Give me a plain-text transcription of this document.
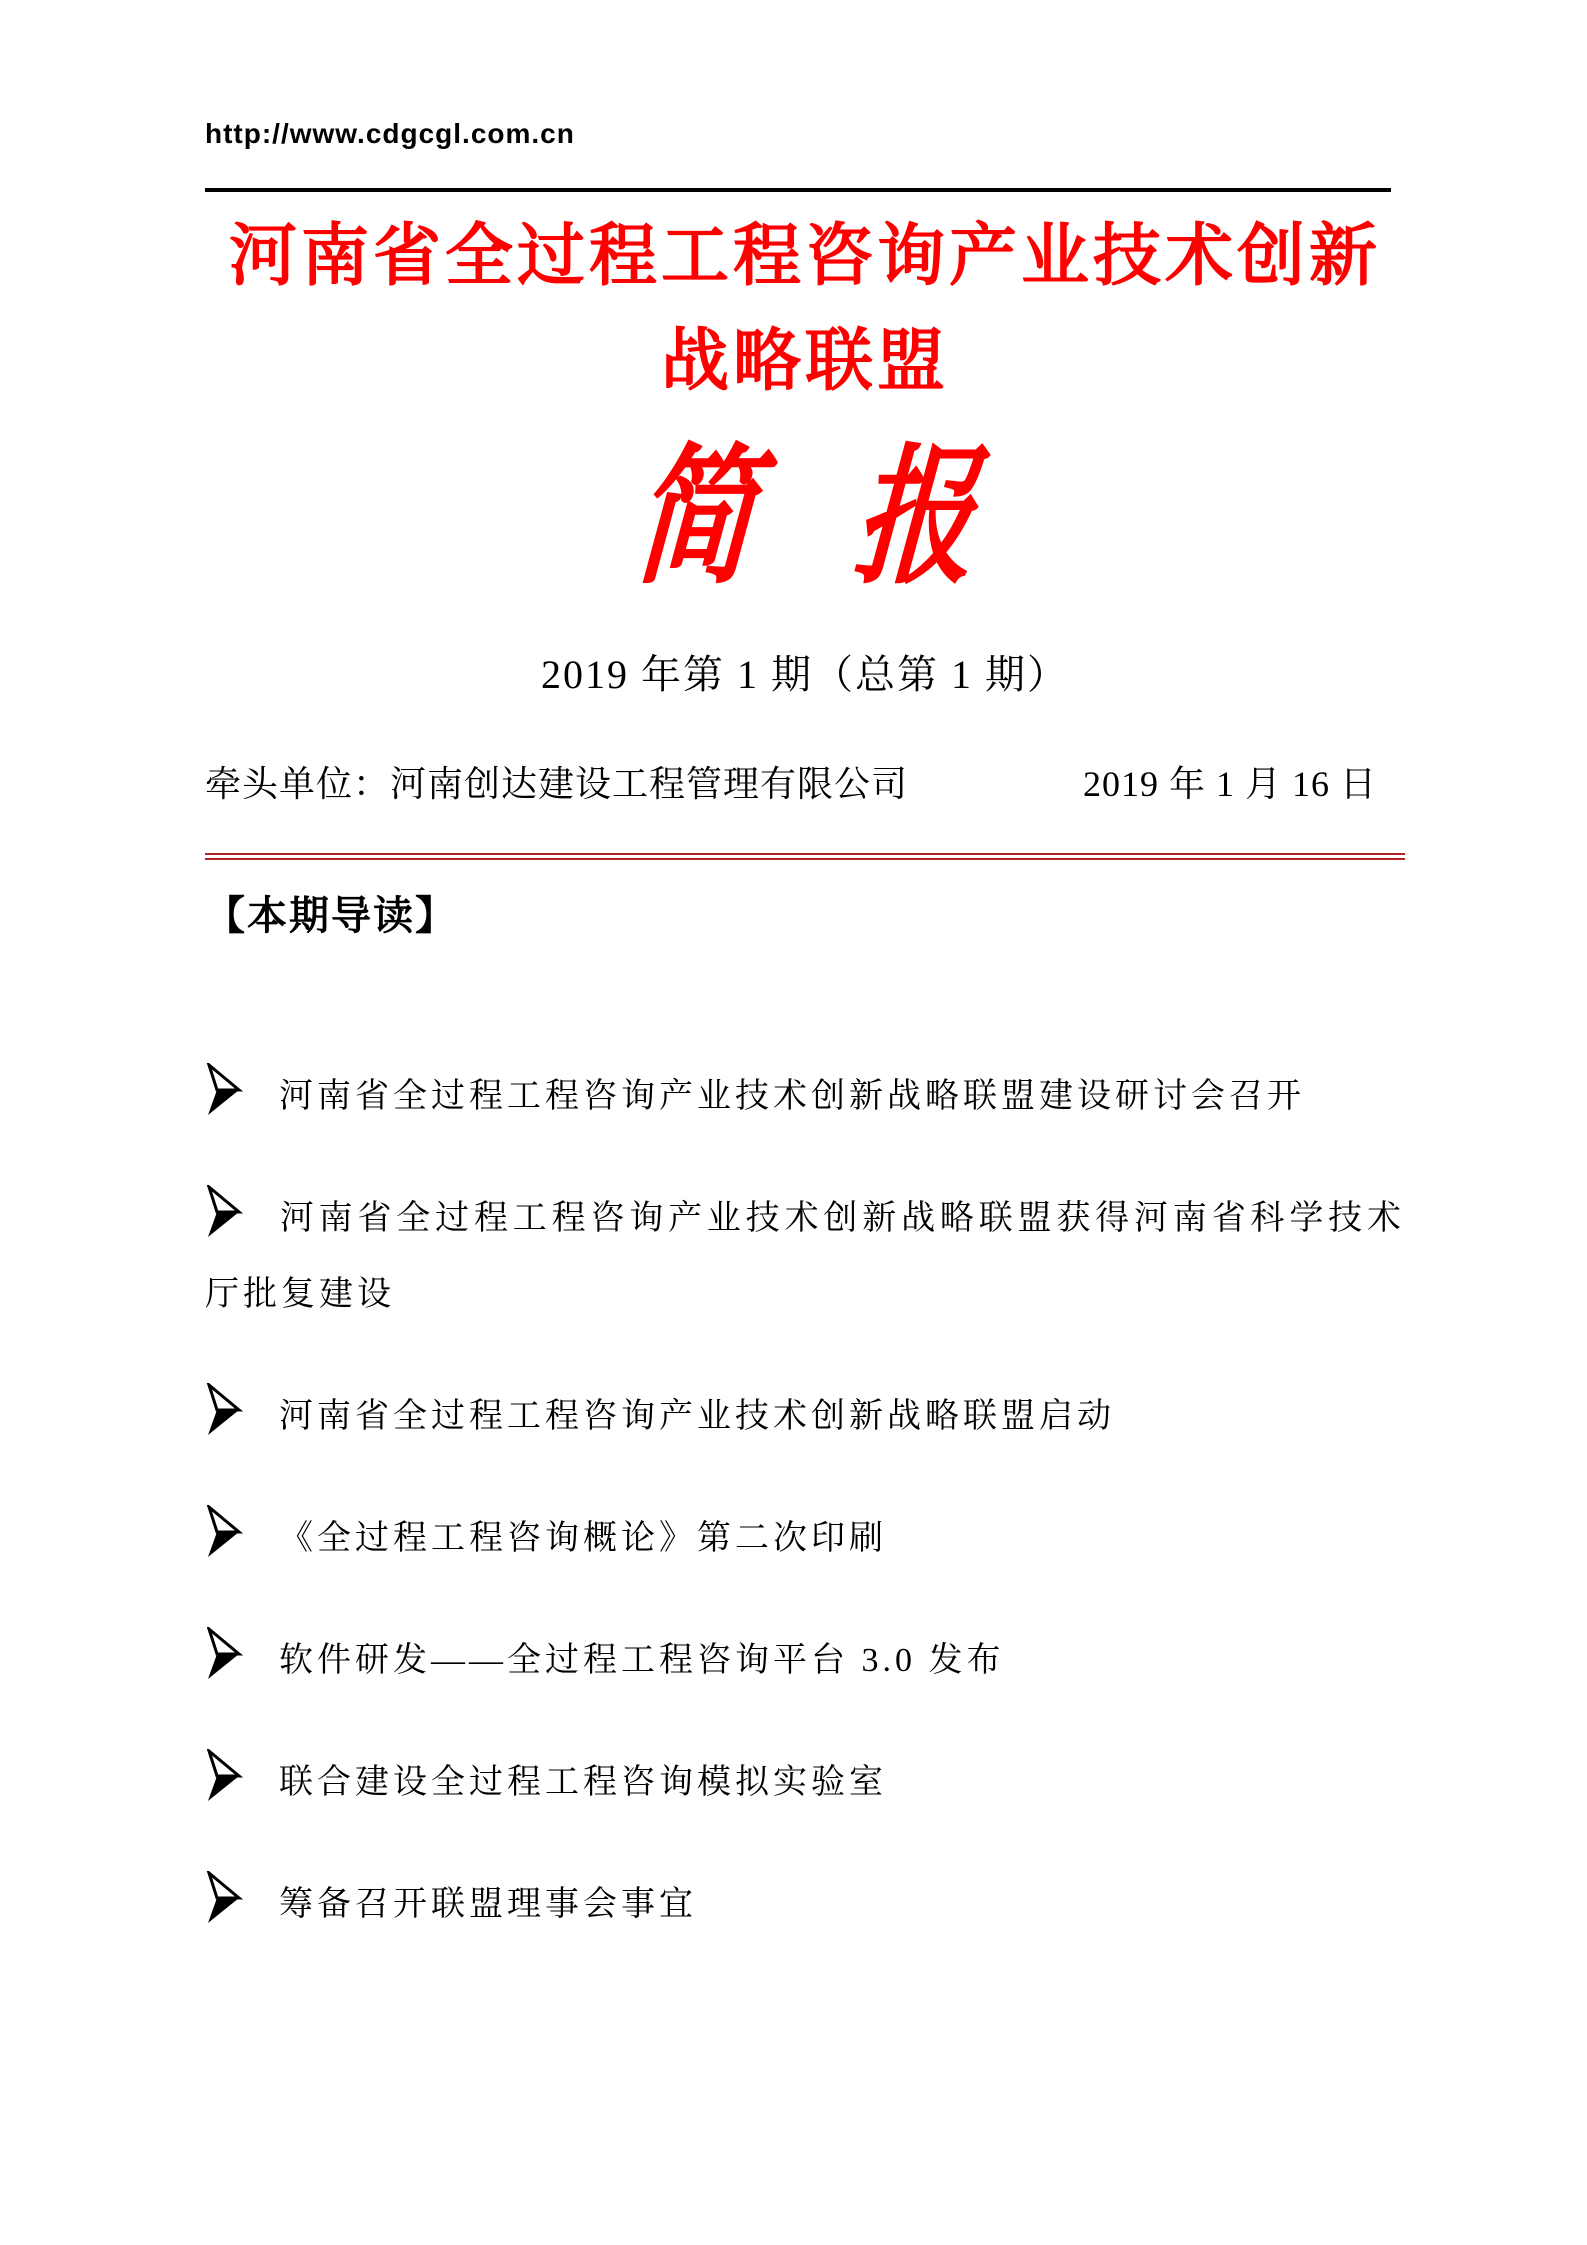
http://www.cdgcgl.com.cn
河南省全过程工程咨询产业技术创新
战略联盟
简 报
2019 年第 1 期（总第 1 期）
牵头单位：河南创达建设工程管理有限公司	2019 年 1 月 16 日
【本期导读】
河南省全过程工程咨询产业技术创新战略联盟建设研讨会召开
河南省全过程工程咨询产业技术创新战略联盟获得河南省科学技术厅批复建设
河南省全过程工程咨询产业技术创新战略联盟启动
《全过程工程咨询概论》第二次印刷
软件研发——全过程工程咨询平台 3.0 发布
联合建设全过程工程咨询模拟实验室
筹备召开联盟理事会事宜
